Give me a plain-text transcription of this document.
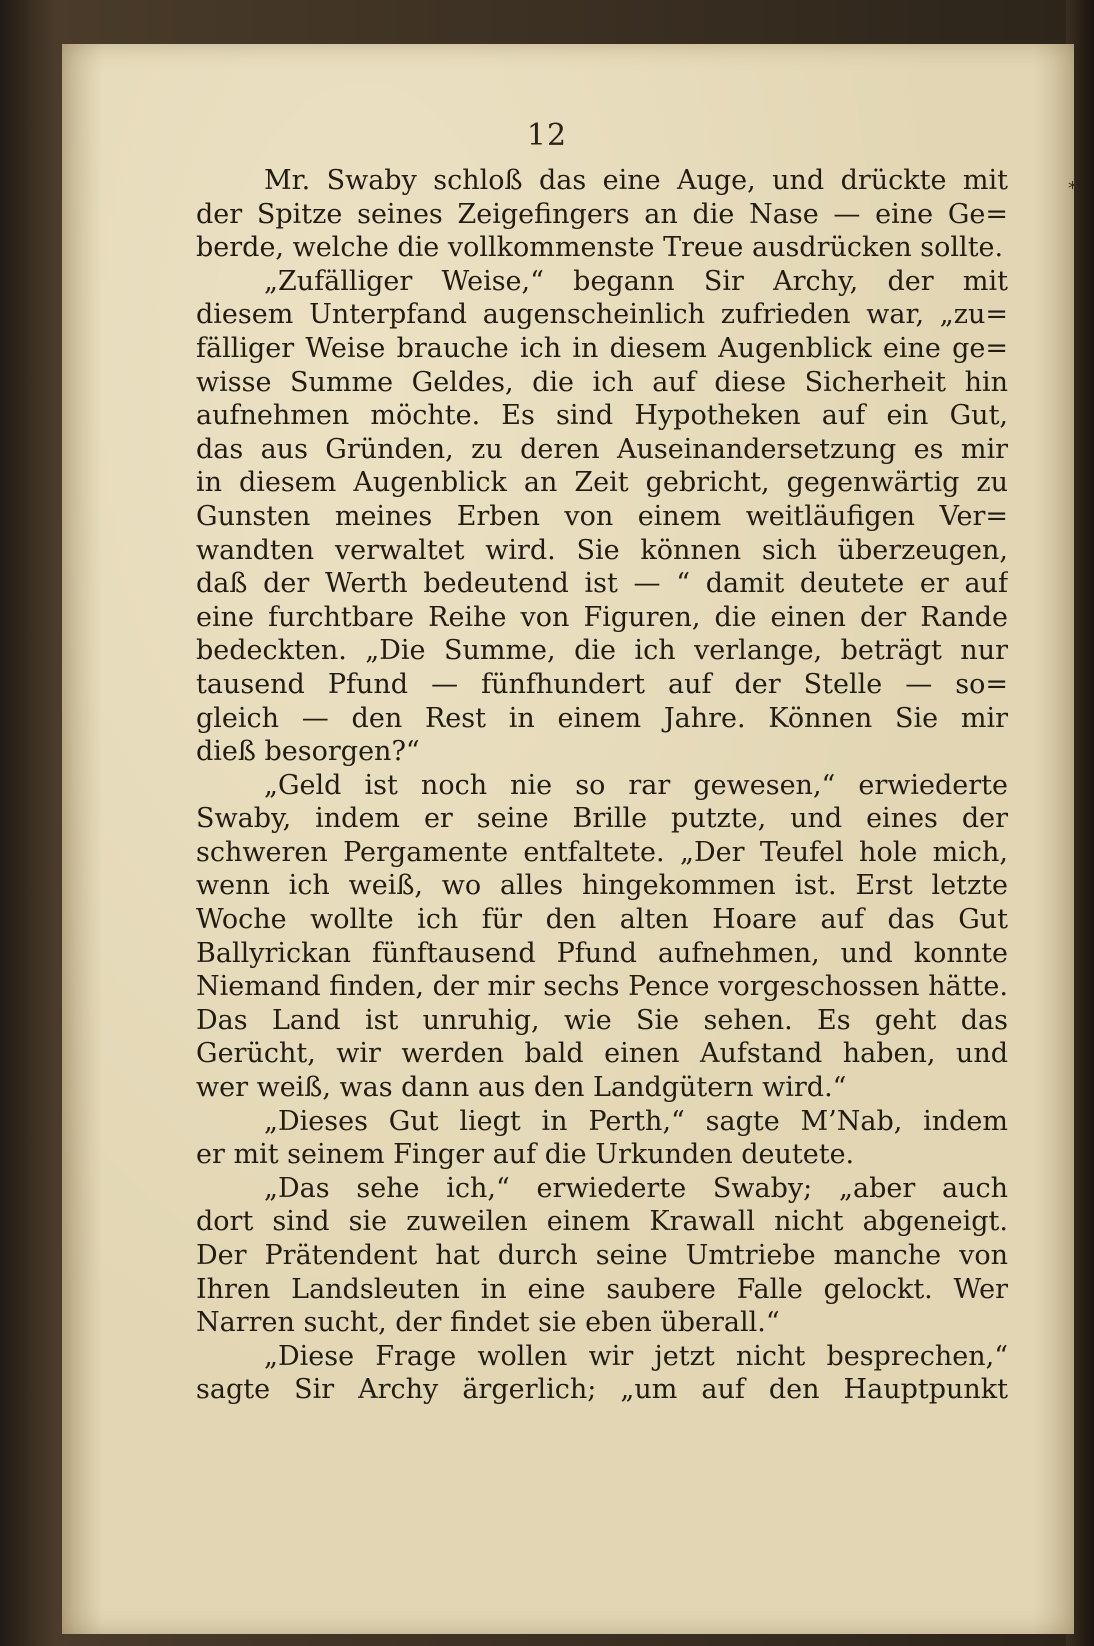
12
*
Mr. Swaby schloß das eine Auge, und drückte mit
der Spitze seines Zeigefingers an die Nase — eine Ge=
berde, welche die vollkommenste Treue ausdrücken sollte.
„Zufälliger Weise,“ begann Sir Archy, der mit
diesem Unterpfand augenscheinlich zufrieden war, „zu=
fälliger Weise brauche ich in diesem Augenblick eine ge=
wisse Summe Geldes, die ich auf diese Sicherheit hin
aufnehmen möchte. Es sind Hypotheken auf ein Gut,
das aus Gründen, zu deren Auseinandersetzung es mir
in diesem Augenblick an Zeit gebricht, gegenwärtig zu
Gunsten meines Erben von einem weitläufigen Ver=
wandten verwaltet wird. Sie können sich überzeugen,
daß der Werth bedeutend ist — “ damit deutete er auf
eine furchtbare Reihe von Figuren, die einen der Rande
bedeckten. „Die Summe, die ich verlange, beträgt nur
tausend Pfund — fünfhundert auf der Stelle — so=
gleich — den Rest in einem Jahre. Können Sie mir
dieß besorgen?“
„Geld ist noch nie so rar gewesen,“ erwiederte
Swaby, indem er seine Brille putzte, und eines der
schweren Pergamente entfaltete. „Der Teufel hole mich,
wenn ich weiß, wo alles hingekommen ist. Erst letzte
Woche wollte ich für den alten Hoare auf das Gut
Ballyrickan fünftausend Pfund aufnehmen, und konnte
Niemand finden, der mir sechs Pence vorgeschossen hätte.
Das Land ist unruhig, wie Sie sehen. Es geht das
Gerücht, wir werden bald einen Aufstand haben, und
wer weiß, was dann aus den Landgütern wird.“
„Dieses Gut liegt in Perth,“ sagte M’Nab, indem
er mit seinem Finger auf die Urkunden deutete.
„Das sehe ich,“ erwiederte Swaby; „aber auch
dort sind sie zuweilen einem Krawall nicht abgeneigt.
Der Prätendent hat durch seine Umtriebe manche von
Ihren Landsleuten in eine saubere Falle gelockt. Wer
Narren sucht, der findet sie eben überall.“
„Diese Frage wollen wir jetzt nicht besprechen,“
sagte Sir Archy ärgerlich; „um auf den Hauptpunkt
